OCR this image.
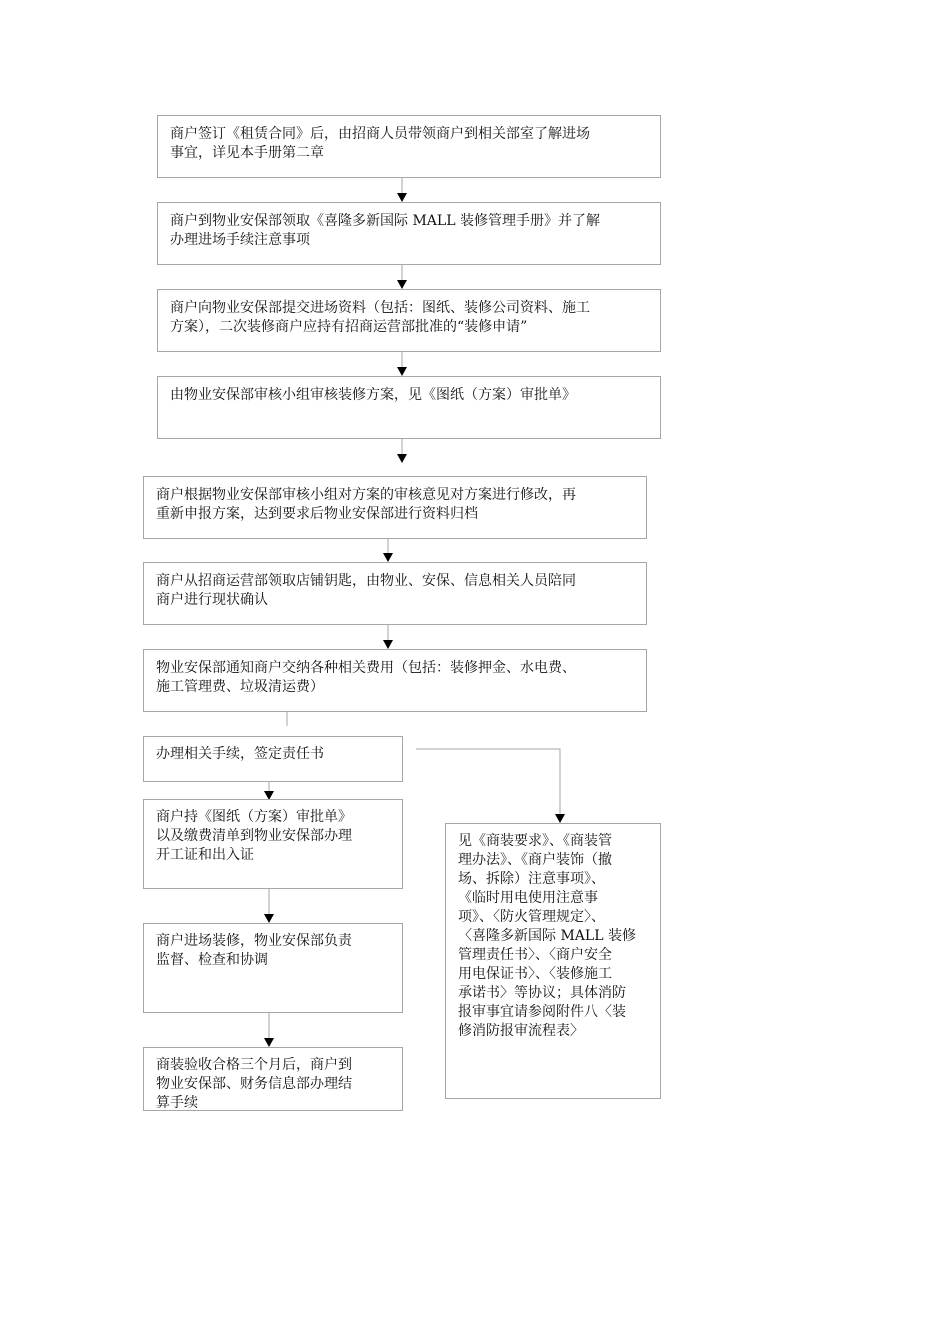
商户签订《租赁合同》后，由招商人员带领商户到相关部室了解进场
事宜，详见本手册第二章
商户到物业安保部领取《喜隆多新国际 MALL 装修管理手册》并了解
办理进场手续注意事项
商户向物业安保部提交进场资料（包括：图纸、装修公司资料、施工
方案），二次装修商户应持有招商运营部批准的“装修申请”
由物业安保部审核小组审核装修方案，见《图纸（方案）审批单》
商户根据物业安保部审核小组对方案的审核意见对方案进行修改，再
重新申报方案，达到要求后物业安保部进行资料归档
商户从招商运营部领取店铺钥匙，由物业、安保、信息相关人员陪同
商户进行现状确认
物业安保部通知商户交纳各种相关费用（包括：装修押金、水电费、
施工管理费、垃圾清运费）
办理相关手续，签定责任书
商户持《图纸（方案）审批单》
以及缴费清单到物业安保部办理
开工证和出入证
商户进场装修，物业安保部负责
监督、检查和协调
商装验收合格三个月后，商户到
物业安保部、财务信息部办理结
算手续
见《商装要求》、《商装管
理办法》、《商户装饰（撤
场、拆除）注意事项》、
《临时用电使用注意事
项》、〈防火管理规定〉、
〈喜隆多新国际 MALL 装修
管理责任书〉、〈商户安全
用电保证书〉、〈装修施工
承诺书〉等协议；具体消防
报审事宜请参阅附件八〈装
修消防报审流程表〉
